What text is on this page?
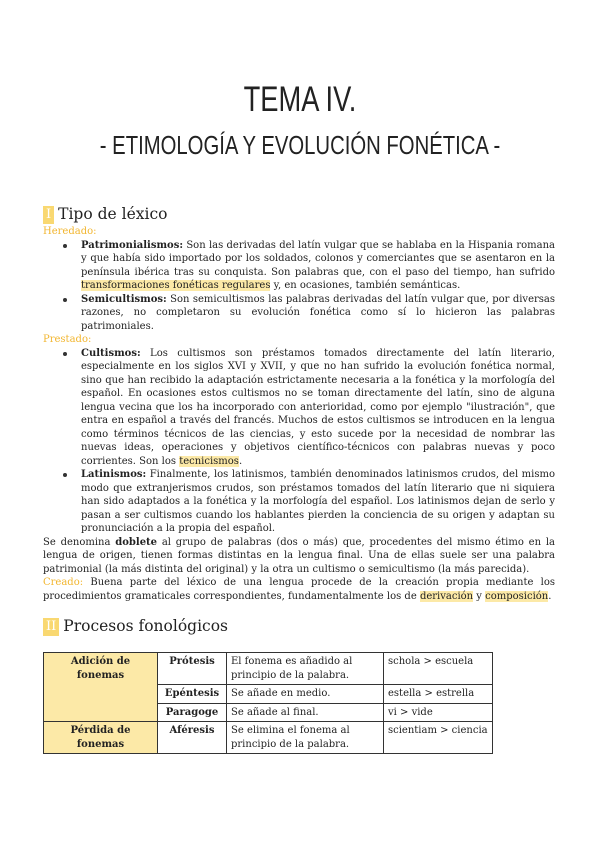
TEMA IV.
- ETIMOLOGÍA Y EVOLUCIÓN FONÉTICA -
I Tipo de léxico
Heredado:
Patrimonialismos: Son las derivadas del latín vulgar que se hablaba en la Hispania romana y que había sido importado por los soldados, colonos y comerciantes que se asentaron en la península ibérica tras su conquista. Son palabras que, con el paso del tiempo, han sufrido transformaciones fonéticas regulares y, en ocasiones, también semánticas.
Semicultismos: Son semicultismos las palabras derivadas del latín vulgar que, por diversas razones, no completaron su evolución fonética como sí lo hicieron las palabras patrimoniales.
Prestado:
Cultismos: Los cultismos son préstamos tomados directamente del latín literario, especialmente en los siglos XVI y XVII, y que no han sufrido la evolución fonética normal, sino que han recibido la adaptación estrictamente necesaria a la fonética y la morfología del español. En ocasiones estos cultismos no se toman directamente del latín, sino de alguna lengua vecina que los ha incorporado con anterioridad, como por ejemplo "ilustración", que entra en español a través del francés. Muchos de estos cultismos se introducen en la lengua como términos técnicos de las ciencias, y esto sucede por la necesidad de nombrar las nuevas ideas, operaciones y objetivos científico-técnicos con palabras nuevas y poco corrientes. Son los tecnicismos.
Latinismos: Finalmente, los latinismos, también denominados latinismos crudos, del mismo modo que extranjerismos crudos, son préstamos tomados del latín literario que ni siquiera han sido adaptados a la fonética y la morfología del español. Los latinismos dejan de serlo y pasan a ser cultismos cuando los hablantes pierden la conciencia de su origen y adaptan su pronunciación a la propia del español.
Se denomina doblete al grupo de palabras (dos o más) que, procedentes del mismo étimo en la lengua de origen, tienen formas distintas en la lengua final. Una de ellas suele ser una palabra patrimonial (la más distinta del original) y la otra un cultismo o semicultismo (la más parecida).
Creado: Buena parte del léxico de una lengua procede de la creación propia mediante los procedimientos gramaticales correspondientes, fundamentalmente los de derivación y composición.
II Procesos fonológicos
Adición de fonemas	Prótesis	El fonema es añadido al principio de la palabra.	schola > escuela
	Epéntesis	Se añade en medio.	estella > estrella
	Paragoge	Se añade al final.	vi > vide
Pérdida de fonemas	Aféresis	Se elimina el fonema al principio de la palabra.	scientiam > ciencia
